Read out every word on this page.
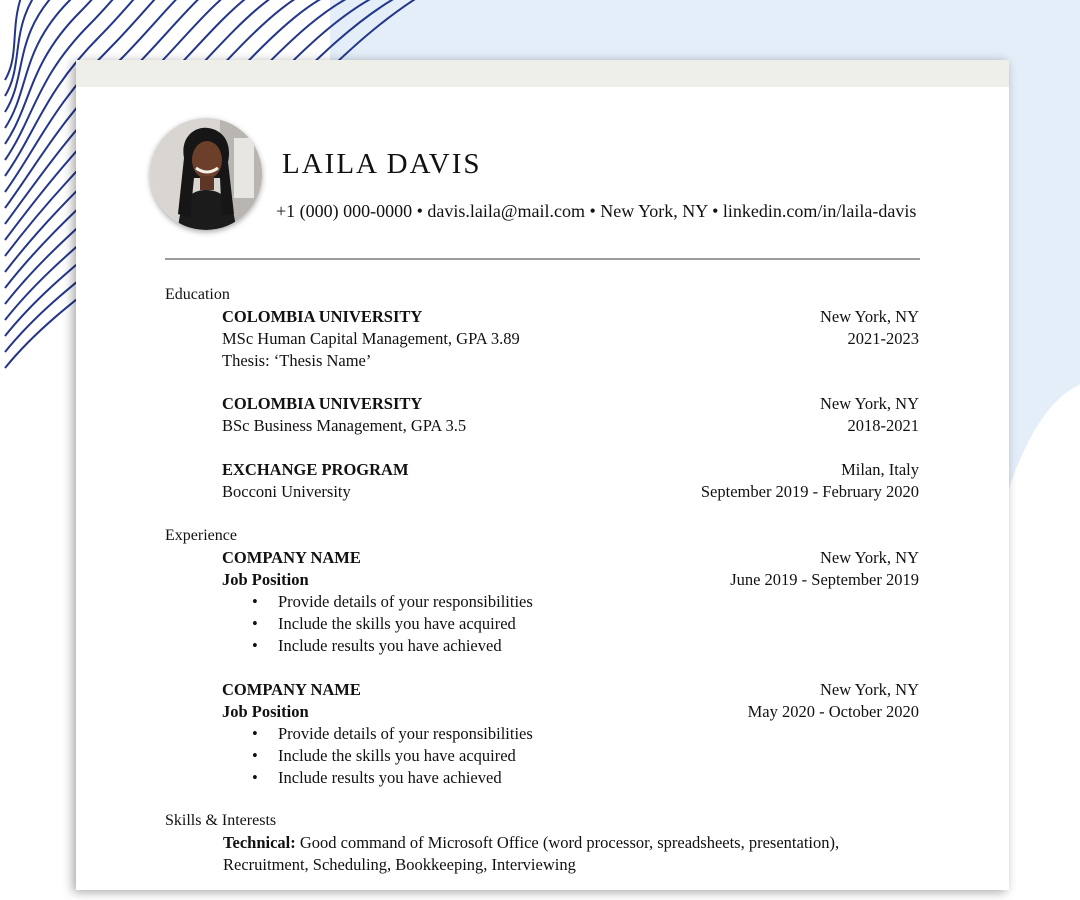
LAILA DAVIS
+1 (000) 000-0000 • davis.laila@mail.com • New York, NY • linkedin.com/in/laila-davis
Education
COLOMBIA UNIVERSITY	New York, NY
MSc Human Capital Management, GPA 3.89	2021-2023
Thesis: ‘Thesis Name’
COLOMBIA UNIVERSITY	New York, NY
BSc Business Management, GPA 3.5	2018-2021
EXCHANGE PROGRAM	Milan, Italy
Bocconi University	September 2019 - February 2020
Experience
COMPANY NAME	New York, NY
Job Position	June 2019 - September 2019
• Provide details of your responsibilities
• Include the skills you have acquired
• Include results you have achieved
COMPANY NAME	New York, NY
Job Position	May 2020 - October 2020
• Provide details of your responsibilities
• Include the skills you have acquired
• Include results you have achieved
Skills & Interests
Technical: Good command of Microsoft Office (word processor, spreadsheets, presentation),
Recruitment, Scheduling, Bookkeeping, Interviewing
